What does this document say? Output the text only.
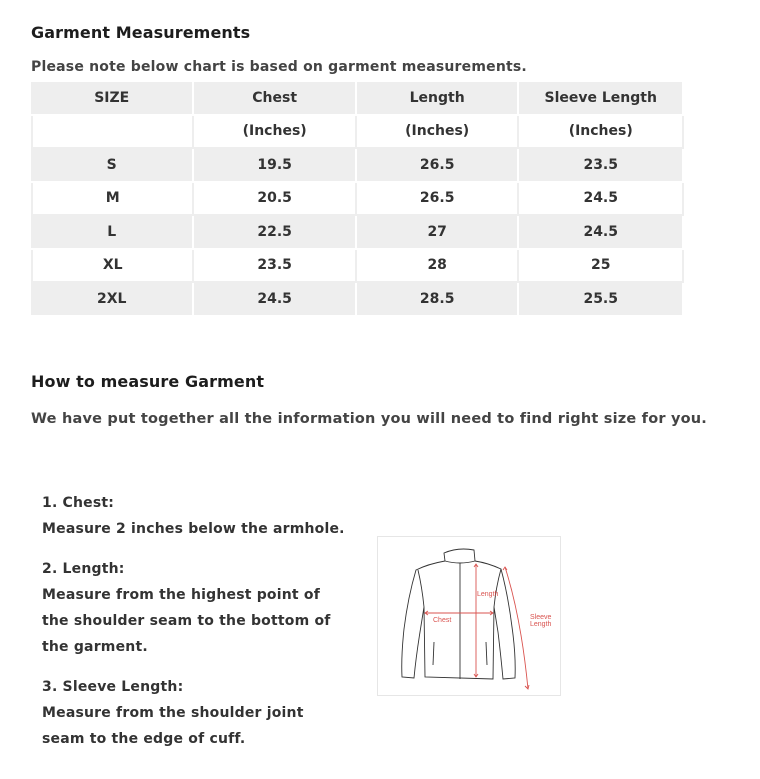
Garment Measurements
Please note below chart is based on garment measurements.
SIZE	Chest	Length	Sleeve Length
	(Inches)	(Inches)	(Inches)
S	19.5	26.5	23.5
M	20.5	26.5	24.5
L	22.5	27	24.5
XL	23.5	28	25
2XL	24.5	28.5	25.5
How to measure Garment
We have put together all the information you will need to find right size for you.
1. Chest:
Measure 2 inches below the armhole.
2. Length:
Measure from the highest point of
the shoulder seam to the bottom of
the garment.
3. Sleeve Length:
Measure from the shoulder joint
seam to the edge of cuff.
Chest
Length
Sleeve
Length
